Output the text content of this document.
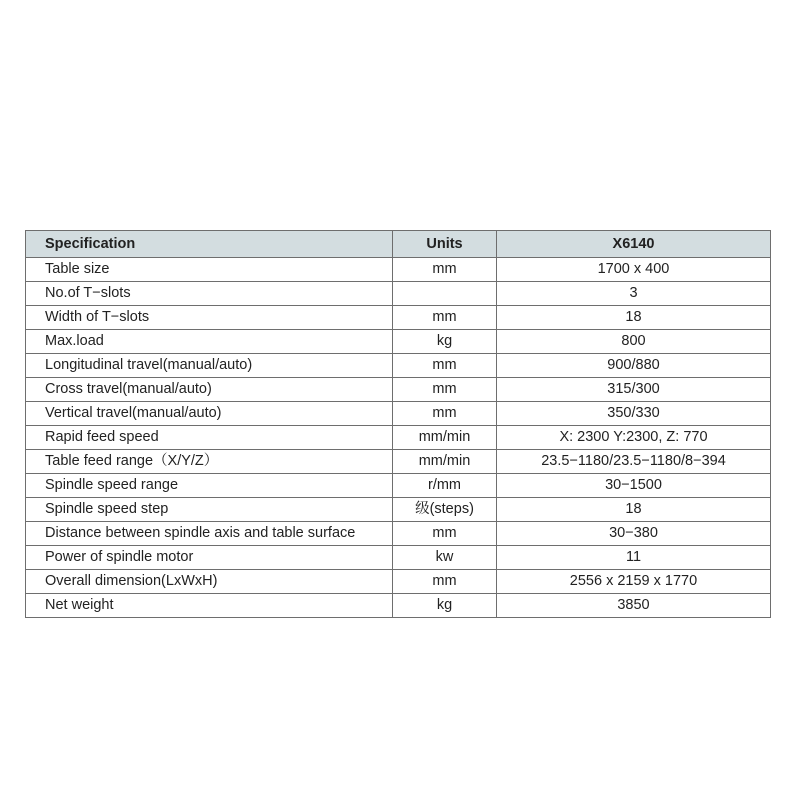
Specification	Units	X6140
Table size	mm	1700 x 400
No.of T−slots		3
Width of T−slots	mm	18
Max.load	kg	800
Longitudinal travel(manual/auto)	mm	900/880
Cross travel(manual/auto)	mm	315/300
Vertical travel(manual/auto)	mm	350/330
Rapid feed speed	mm/min	X: 2300 Y:2300, Z: 770
Table feed range（X/Y/Z）	mm/min	23.5−1180/23.5−1180/8−394
Spindle speed range	r/mm	30−1500
Spindle speed step	级(steps)	18
Distance between spindle axis and table surface	mm	30−380
Power of spindle motor	kw	11
Overall dimension(LxWxH)	mm	2556 x 2159 x 1770
Net weight	kg	3850
